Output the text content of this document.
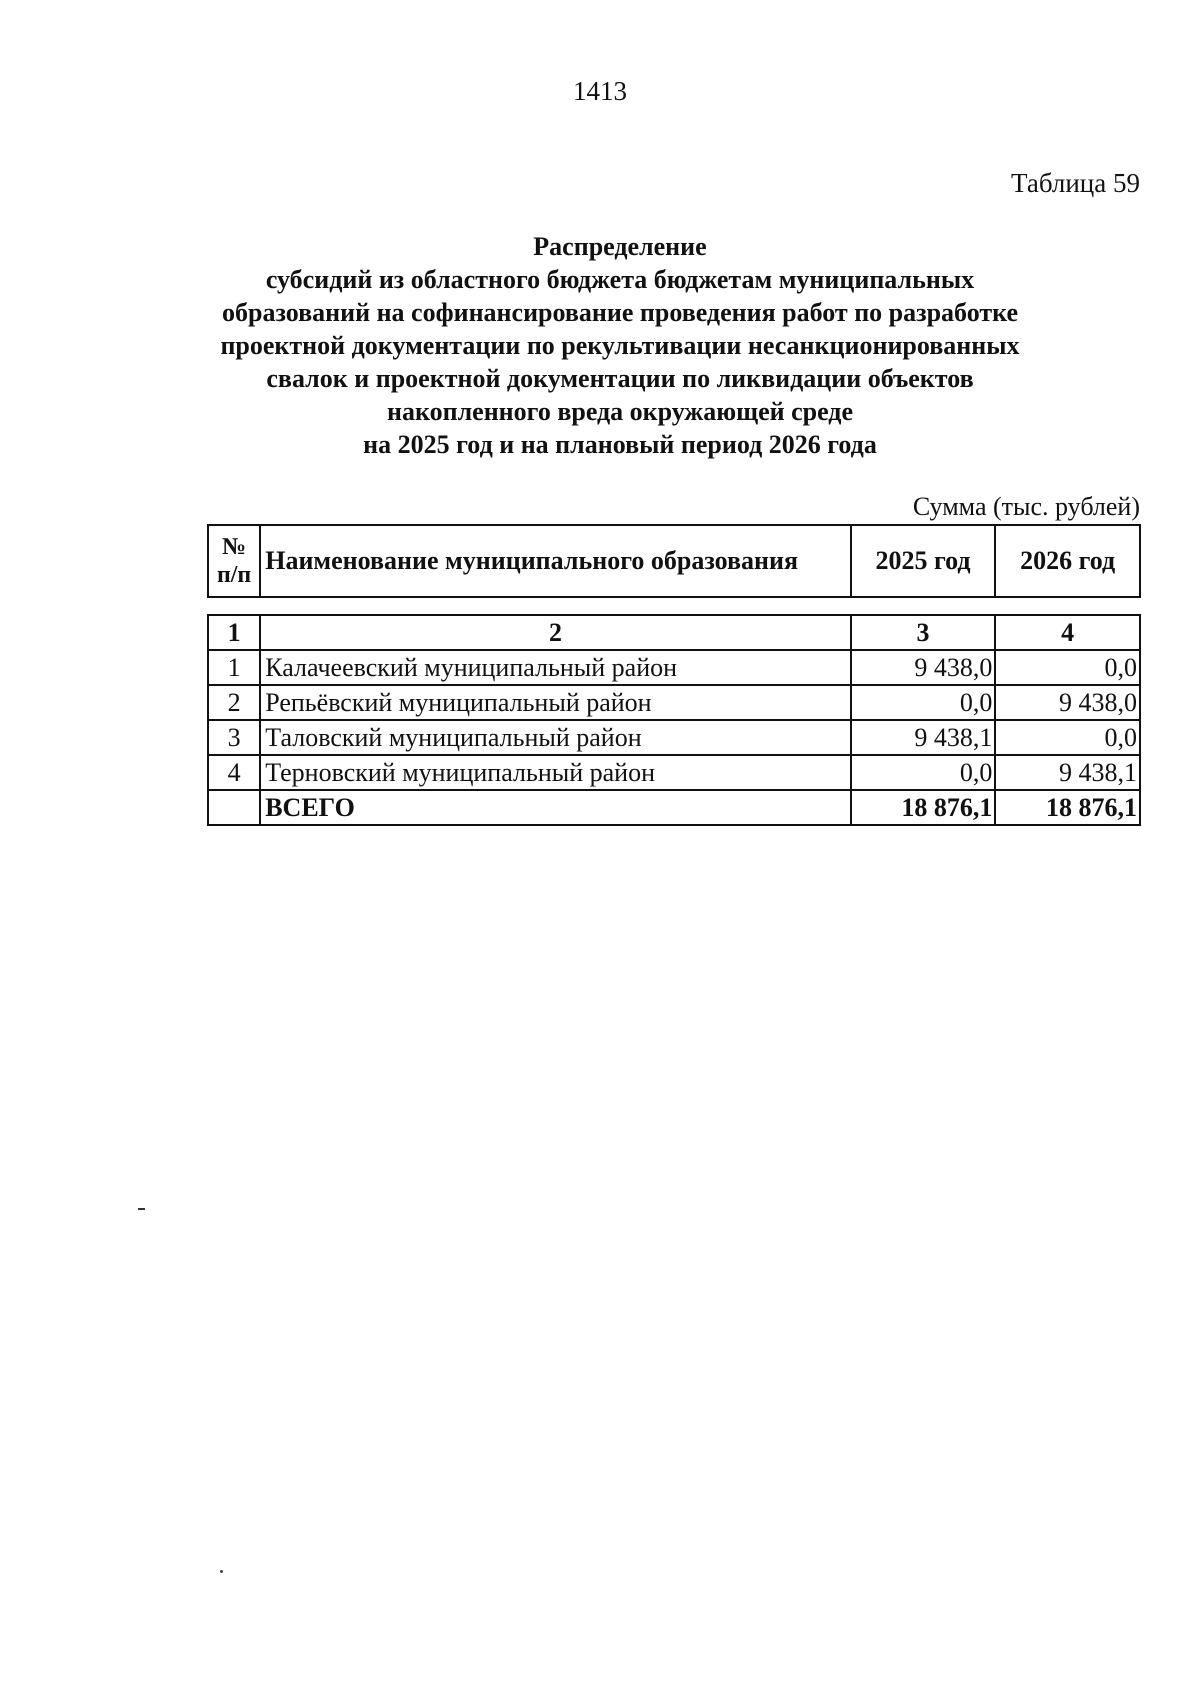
1413
Таблица 59
Распределение
субсидий из областного бюджета бюджетам муниципальных
образований на софинансирование проведения работ по разработке
проектной документации по рекультивации несанкционированных
свалок и проектной документации по ликвидации объектов
накопленного вреда окружающей среде
на 2025 год и на плановый период 2026 года
Сумма (тыс. рублей)
№
п/п	Наименование муниципального образования	2025 год	2026 год
1	2	3	4
1	Калачеевский муниципальный район	9 438,0	0,0
2	Репьёвский муниципальный район	0,0	9 438,0
3	Таловский муниципальный район	9 438,1	0,0
4	Терновский муниципальный район	0,0	9 438,1
	ВСЕГО	18 876,1	18 876,1
